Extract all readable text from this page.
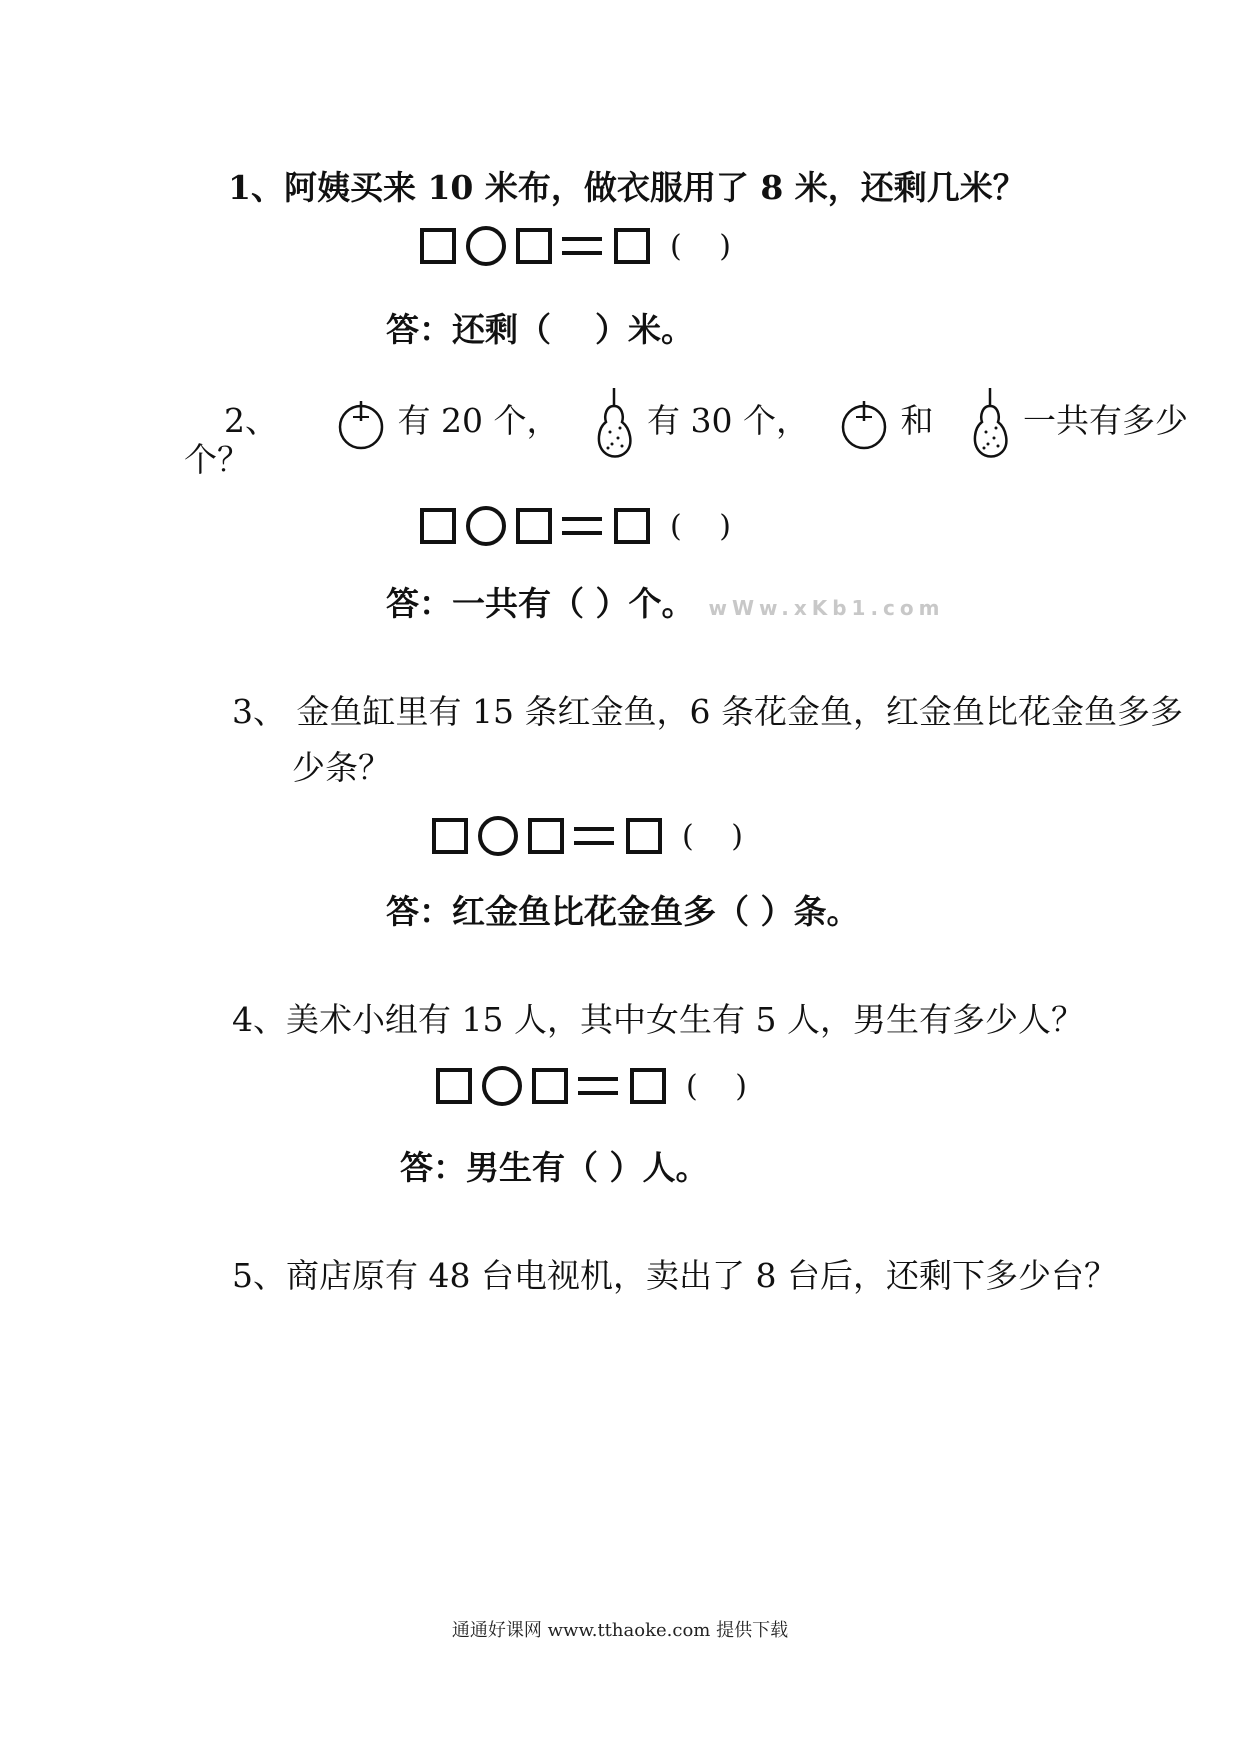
1、阿姨买来 10 米布，做衣服用了 8 米，还剩几米？
( )
答：还剩（ ）米。
2、	有 20 个，	有 30 个，	和	一共有多少
个？
( )
答：一共有（ ）个。 wWw.xKb1.com
3、 金鱼缸里有 15 条红金鱼，6 条花金鱼，红金鱼比花金鱼多多
少条？
( )
答：红金鱼比花金鱼多（ ）条。
4、美术小组有 15 人，其中女生有 5 人，男生有多少人？
( )
答：男生有（ ）人。
5、商店原有 48 台电视机，卖出了 8 台后，还剩下多少台？
通通好课网 www.tthaoke.com 提供下载
